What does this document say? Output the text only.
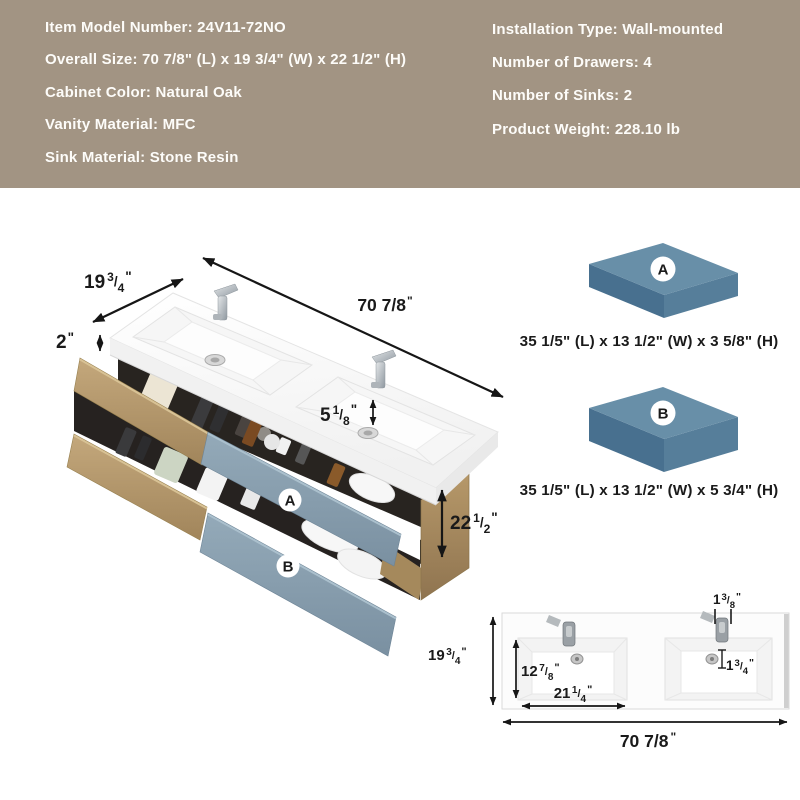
Item Model Number: 24V11-72NO
Overall Size: 70 7/8" (L) x 19 3/4" (W) x 22 1/2" (H)
Cabinet Color: Natural Oak
Vanity Material: MFC
Sink Material: Stone Resin
Installation Type: Wall-mounted
Number of Drawers: 4
Number of Sinks: 2
Product Weight: 228.10 lb
A
B
19 $^3_{/4}$"
70 7/8"
2"
5 $^1_{/8}$"
22 $^1_{/2}$"
A
35 1/5" (L) x 13 1/2" (W) x 3 5/8" (H)
B
35 1/5" (L) x 13 1/2" (W) x 5 3/4" (H)
1$^3_{/8}$"
1$^3_{/4}$"
19 $^3_{/4}$"
12 $^7_{/8}$"
21 $^1_{/4}$"
70 7/8 "
